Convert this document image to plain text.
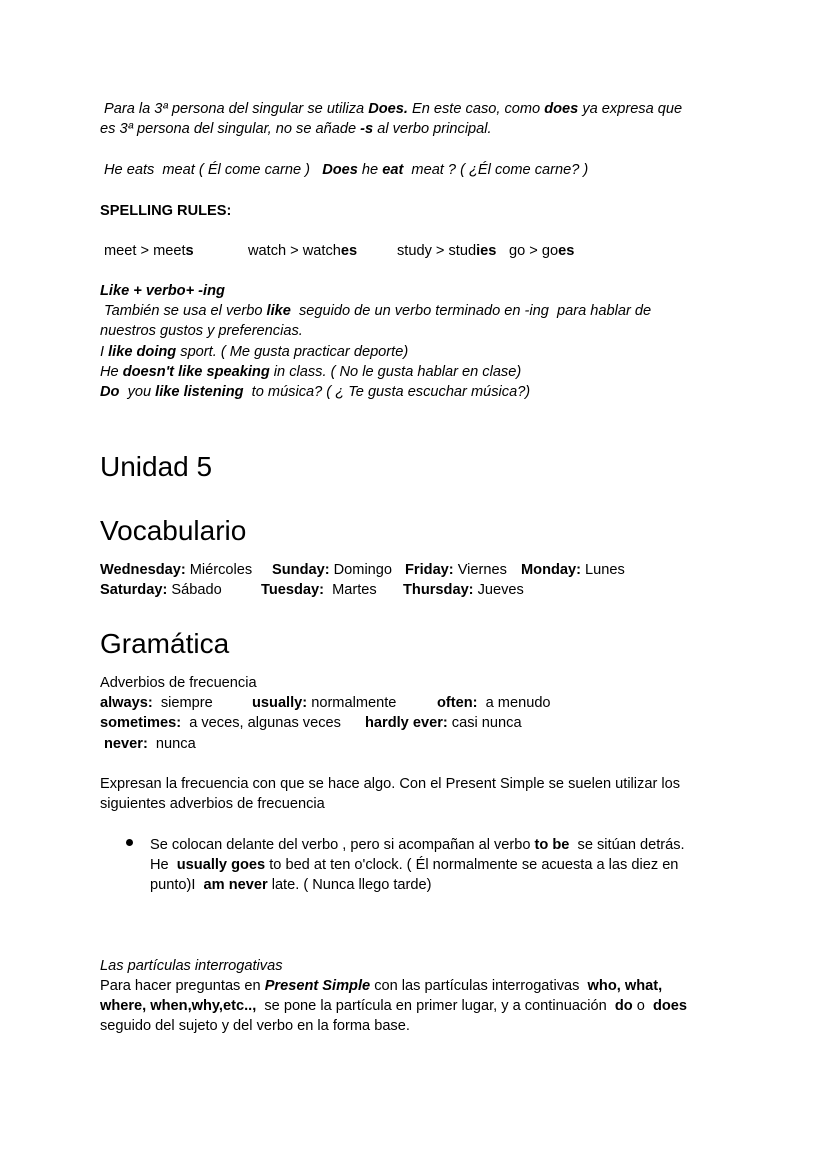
Para la 3ª persona del singular se utiliza Does. En este caso, como does ya expresa que
es 3ª persona del singular, no se añade -s al verbo principal.
He eats  meat ( Él come carne )   Does he eat  meat ? ( ¿Él come carne? )
SPELLING RULES:
meet > meets	watch > watches	study > studies go > goes
Like + verbo+ -ing
También se usa el verbo like  seguido de un verbo terminado en -ing  para hablar de
nuestros gustos y preferencias.
I like doing sport. ( Me gusta practicar deporte)
He doesn't like speaking in class. ( No le gusta hablar en clase)
Do  you like listening  to música? ( ¿ Te gusta escuchar música?)
Unidad 5
Vocabulario
Wednesday: Miércoles Sunday: Domingo Friday: Viernes Monday: Lunes
Saturday: Sábado	Tuesday:  Martes Thursday: Jueves
Gramática
Adverbios de frecuencia
always:  siempre	usually: normalmente	often:  a menudo
sometimes:  a veces, algunas veces hardly ever: casi nunca
never:  nunca
Expresan la frecuencia con que se hace algo. Con el Present Simple se suelen utilizar los
siguientes adverbios de frecuencia
Se colocan delante del verbo , pero si acompañan al verbo to be  se sitúan detrás.
He  usually goes to bed at ten o'clock. ( Él normalmente se acuesta a las diez en
punto)I  am never late. ( Nunca llego tarde)
Las partículas interrogativas
Para hacer preguntas en Present Simple con las partículas interrogativas  who, what,
where, when,why,etc..,  se pone la partícula en primer lugar, y a continuación  do o  does
seguido del sujeto y del verbo en la forma base.
